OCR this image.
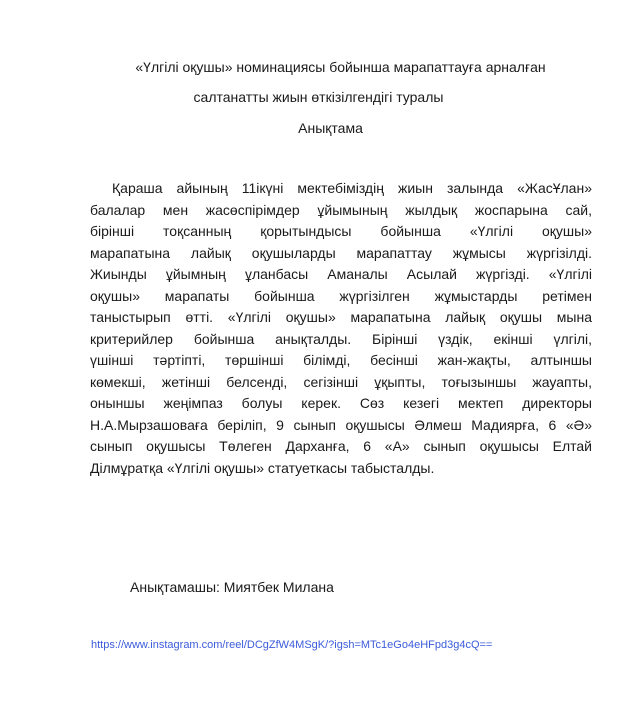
«Үлгілі оқушы» номинациясы бойынша марапаттауға арналған
салтанатты жиын өткізілгендігі туралы
Анықтама
Қараша айының 11ікүні мектебіміздің жиын залында «ЖасҰлан»
балалар мен жасөспірімдер ұйымының жылдық жоспарына сай,
бірінші тоқсанның қорытындысы бойынша «Үлгілі оқушы»
марапатына лайық оқушыларды марапаттау жұмысы жүргізілді.
Жиынды ұйымның ұланбасы Аманалы Асылай жүргізді. «Үлгілі
оқушы» марапаты бойынша жүргізілген жұмыстарды ретімен
таныстырып өтті. «Үлгілі оқушы» марапатына лайық оқушы мына
критерийлер бойынша анықталды. Бірінші үздік, екінші үлгілі,
үшінші тәртіпті, төршінші білімді, бесінші жан-жақты, алтыншы
көмекші, жетінші белсенді, сегізінші ұқыпты, тоғызыншы жауапты,
оныншы жеңімпаз болуы керек. Сөз кезегі мектеп директоры
Н.А.Мырзашоваға беріліп, 9 сынып оқушысы Әлмеш Мадиярға, 6 «Ә»
сынып оқушысы Төлеген Дарханға, 6 «А» сынып оқушысы Елтай
Ділмұратқа «Үлгілі оқушы» статуеткасы табысталды.
Анықтамашы: Миятбек Милана
https://www.instagram.com/reel/DCgZfW4MSgK/?igsh=MTc1eGo4eHFpd3g4cQ==
